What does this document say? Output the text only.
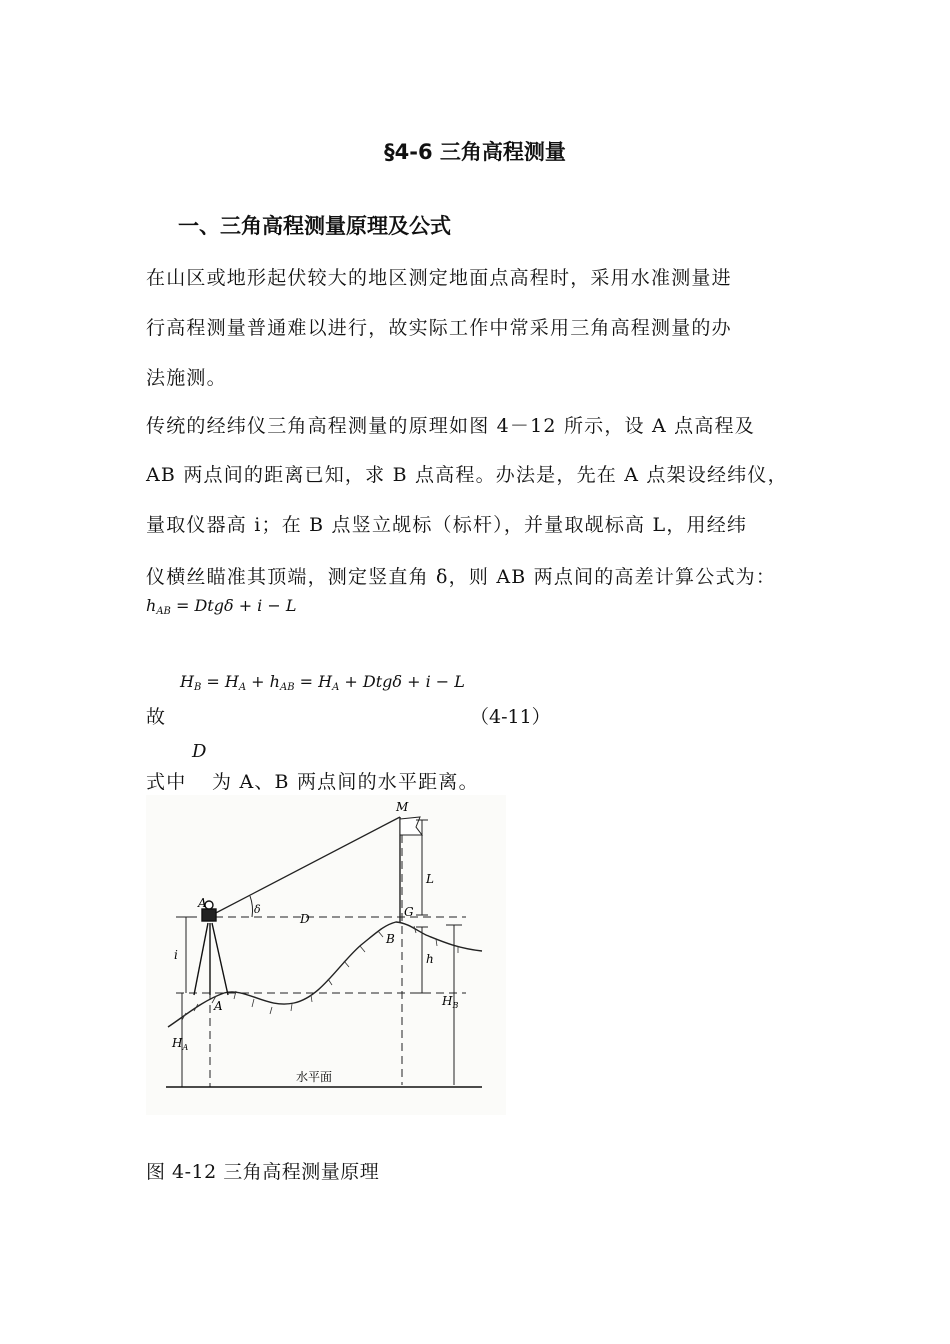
§4-6 三角高程测量
一、三角高程测量原理及公式
在山区或地形起伏较大的地区测定地面点高程时，采用水准测量进
行高程测量普通难以进行，故实际工作中常采用三角高程测量的办
法施测。
传统的经纬仪三角高程测量的原理如图 4－12 所示，设 A 点高程及
AB 两点间的距离已知，求 B 点高程。办法是，先在 A 点架设经纬仪，
量取仪器高 i；在 B 点竖立觇标（标杆），并量取觇标高 L，用经纬
仪横丝瞄准其顶端，测定竖直角 δ，则 AB 两点间的高差计算公式为：
$h_{AB} = Dtg\delta + i - L$
$H_B = H_A + h_{AB} = H_A + Dtg\delta + i - L$
故	（4-11）
D
式中 为 A、B 两点间的水平距离。
M
L
G
δ
D
A
B
h
i
A	$H_B$
$H_A$
水平面
图 4-12 三角高程测量原理
